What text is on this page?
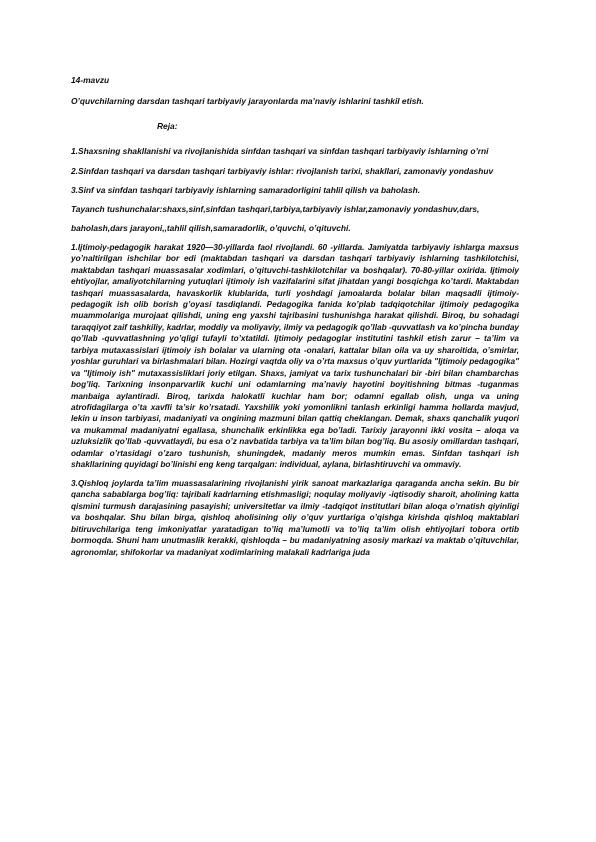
14-mavzu

O’quvchilarning darsdan tashqari tarbiyaviy jarayonlarda ma’naviy ishlarini tashkil etish.

Reja:

1.Shaxsning shakllanishi va rivojlanishida sinfdan tashqari va sinfdan tashqari tarbiyaviy ishlarning o’rni

2.Sinfdan tashqari va darsdan tashqari tarbiyaviy ishlar: rivojlanish tarixi, shakllari, zamonaviy yondashuv

3.Sinf va sinfdan tashqari tarbiyaviy ishlarning samaradorligini tahlil qilish va baholash.

Tayanch tushunchalar:shaxs,sinf,sinfdan tashqari,tarbiya,tarbiyaviy ishlar,zamonaviy yondashuv,dars,

baholash,dars jarayoni,,tahlil qilish,samaradorlik, o’quvchi, o’qituvchi.

1.Ijtimoiy-pedagogik harakat 1920—30-yillarda faol rivojlandi. 60 -yillarda. Jamiyatda tarbiyaviy ishlarga maxsus yo’naltirilgan ishchilar bor edi (maktabdan tashqari va darsdan tashqari tarbiyaviy ishlarning tashkilotchisi, maktabdan tashqari muassasalar xodimlari, o’qituvchi-tashkilotchilar va boshqalar). 70-80-yillar oxirida. Ijtimoiy ehtiyojlar, amaliyotchilarning yutuqlari ijtimoiy ish vazifalarini sifat jihatdan yangi bosqichga ko’tardi. Maktabdan tashqari muassasalarda, havaskorlik klublarida, turli yoshdagi jamoalarda bolalar bilan maqsadli ijtimoiy-pedagogik ish olib borish g’oyasi tasdiqlandi. Pedagogika fanida ko’plab tadqiqotchilar ijtimoiy pedagogika muammolariga murojaat qilishdi, uning eng yaxshi tajribasini tushunishga harakat qilishdi. Biroq, bu sohadagi taraqqiyot zaif tashkiliy, kadrlar, moddiy va moliyaviy, ilmiy va pedagogik qo’llab -quvvatlash va ko’pincha bunday qo’llab -quvvatlashning yo’qligi tufayli to’xtatildi. Ijtimoiy pedagoglar institutini tashkil etish zarur – ta’lim va tarbiya mutaxassislari ijtimoiy ish bolalar va ularning ota -onalari, kattalar bilan oila va uy sharoitida, o’smirlar, yoshlar guruhlari va birlashmalari bilan. Hozirgi vaqtda oliy va o’rta maxsus o’quv yurtlarida "Ijtimoiy pedagogika" va "Ijtimoiy ish" mutaxassisliklari joriy etilgan. Shaxs, jamiyat va tarix tushunchalari bir -biri bilan chambarchas bog’liq. Tarixning insonparvarlik kuchi uni odamlarning ma’naviy hayotini boyitishning bitmas -tuganmas manbaiga aylantiradi. Biroq, tarixda halokatli kuchlar ham bor; odamni egallab olish, unga va uning atrofidagilarga o’ta xavfli ta’sir ko’rsatadi. Yaxshilik yoki yomonlikni tanlash erkinligi hamma hollarda mavjud, lekin u inson tarbiyasi, madaniyati va ongining mazmuni bilan qattiq cheklangan. Demak, shaxs qanchalik yuqori va mukammal madaniyatni egallasa, shunchalik erkinlikka ega bo’ladi. Tarixiy jarayonni ikki vosita – aloqa va uzluksizlik qo’llab -quvvatlaydi, bu esa o’z navbatida tarbiya va ta’lim bilan bog’liq. Bu asosiy omillardan tashqari, odamlar o’rtasidagi o’zaro tushunish, shuningdek, madaniy meros mumkin emas. Sinfdan tashqari ish shakllarining quyidagi bo’linishi eng keng tarqalgan: individual, aylana, birlashtiruvchi va ommaviy.

3.Qishloq joylarda ta’lim muassasalarining rivojlanishi yirik sanoat markazlariga qaraganda ancha sekin. Bu bir qancha sabablarga bog’liq: tajribali kadrlarning etishmasligi; noqulay moliyaviy -iqtisodiy sharoit, aholining katta qismini turmush darajasining pasayishi; universitetlar va ilmiy -tadqiqot institutlari bilan aloqa o’rnatish qiyinligi va boshqalar. Shu bilan birga, qishloq aholisining oliy o’quv yurtlariga o’qishga kirishda qishloq maktablari bitiruvchilariga teng imkoniyatlar yaratadigan to’liq ma’lumotli va to’liq ta’lim olish ehtiyojlari tobora ortib bormoqda. Shuni ham unutmaslik kerakki, qishloqda – bu madaniyatning asosiy markazi va maktab o’qituvchilar, agronomlar, shifokorlar va madaniyat xodimlarining malakali kadrlariga juda
